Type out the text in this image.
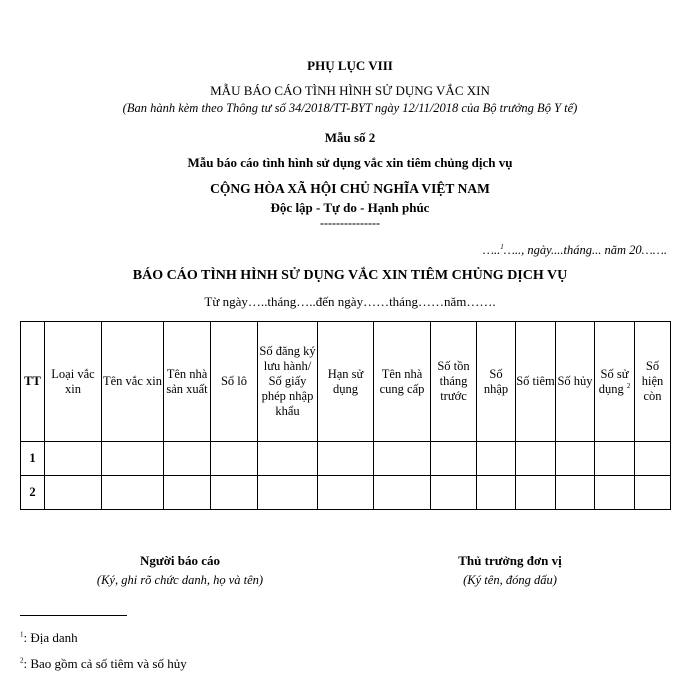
PHỤ LỤC VIII
MẪU BÁO CÁO TÌNH HÌNH SỬ DỤNG VẮC XIN
(Ban hành kèm theo Thông tư số 34/2018/TT-BYT ngày 12/11/2018 của Bộ trưởng Bộ Y tế)
Mẫu số 2
Mẫu báo cáo tình hình sử dụng vắc xin tiêm chủng dịch vụ
CỘNG HÒA XÃ HỘI CHỦ NGHĨA VIỆT NAM
Độc lập - Tự do - Hạnh phúc
---------------
…..$^1$….., ngày....tháng... năm 20…….
BÁO CÁO TÌNH HÌNH SỬ DỤNG VẮC XIN TIÊM CHỦNG DỊCH VỤ
Từ ngày…..tháng…..đến ngày……tháng……năm…….
TT	Loại vắc xin	Tên vắc xin	Tên nhà sản xuất	Số lô	Số đăng ký lưu hành/ Số giấy phép nhập khẩu	Hạn sử dụng	Tên nhà cung cấp	Số tồn tháng trước	Số nhập	Số tiêm	Số hủy	Số sử dụng $^2$	Số hiện còn
1													
2													
Người báo cáo
(Ký, ghi rõ chức danh, họ và tên)
Thủ trưởng đơn vị
(Ký tên, đóng dấu)
$^1$: Địa danh
$^2$: Bao gồm cả số tiêm và số hủy
